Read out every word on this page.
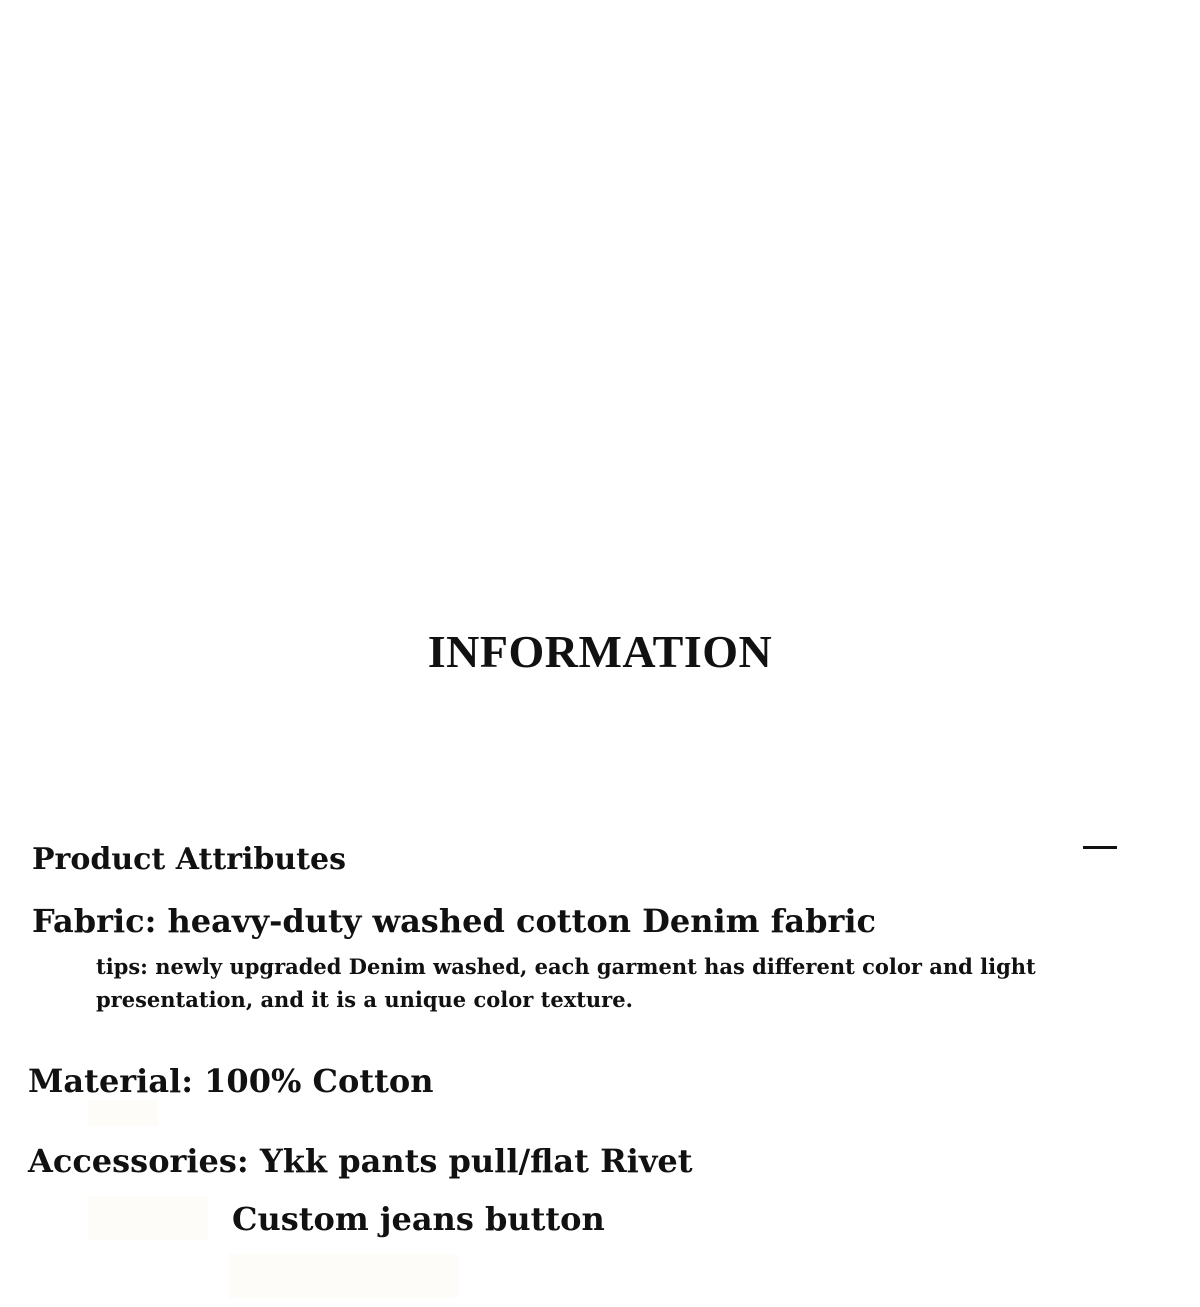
INFORMATION
Product Attributes

Fabric: heavy-duty washed cotton Denim fabric

tips: newly upgraded Denim washed, each garment has different color and light presentation, and it is a unique color texture.

Material: 100% Cotton

Accessories: Ykk pants pull/flat Rivet

Custom jeans button
